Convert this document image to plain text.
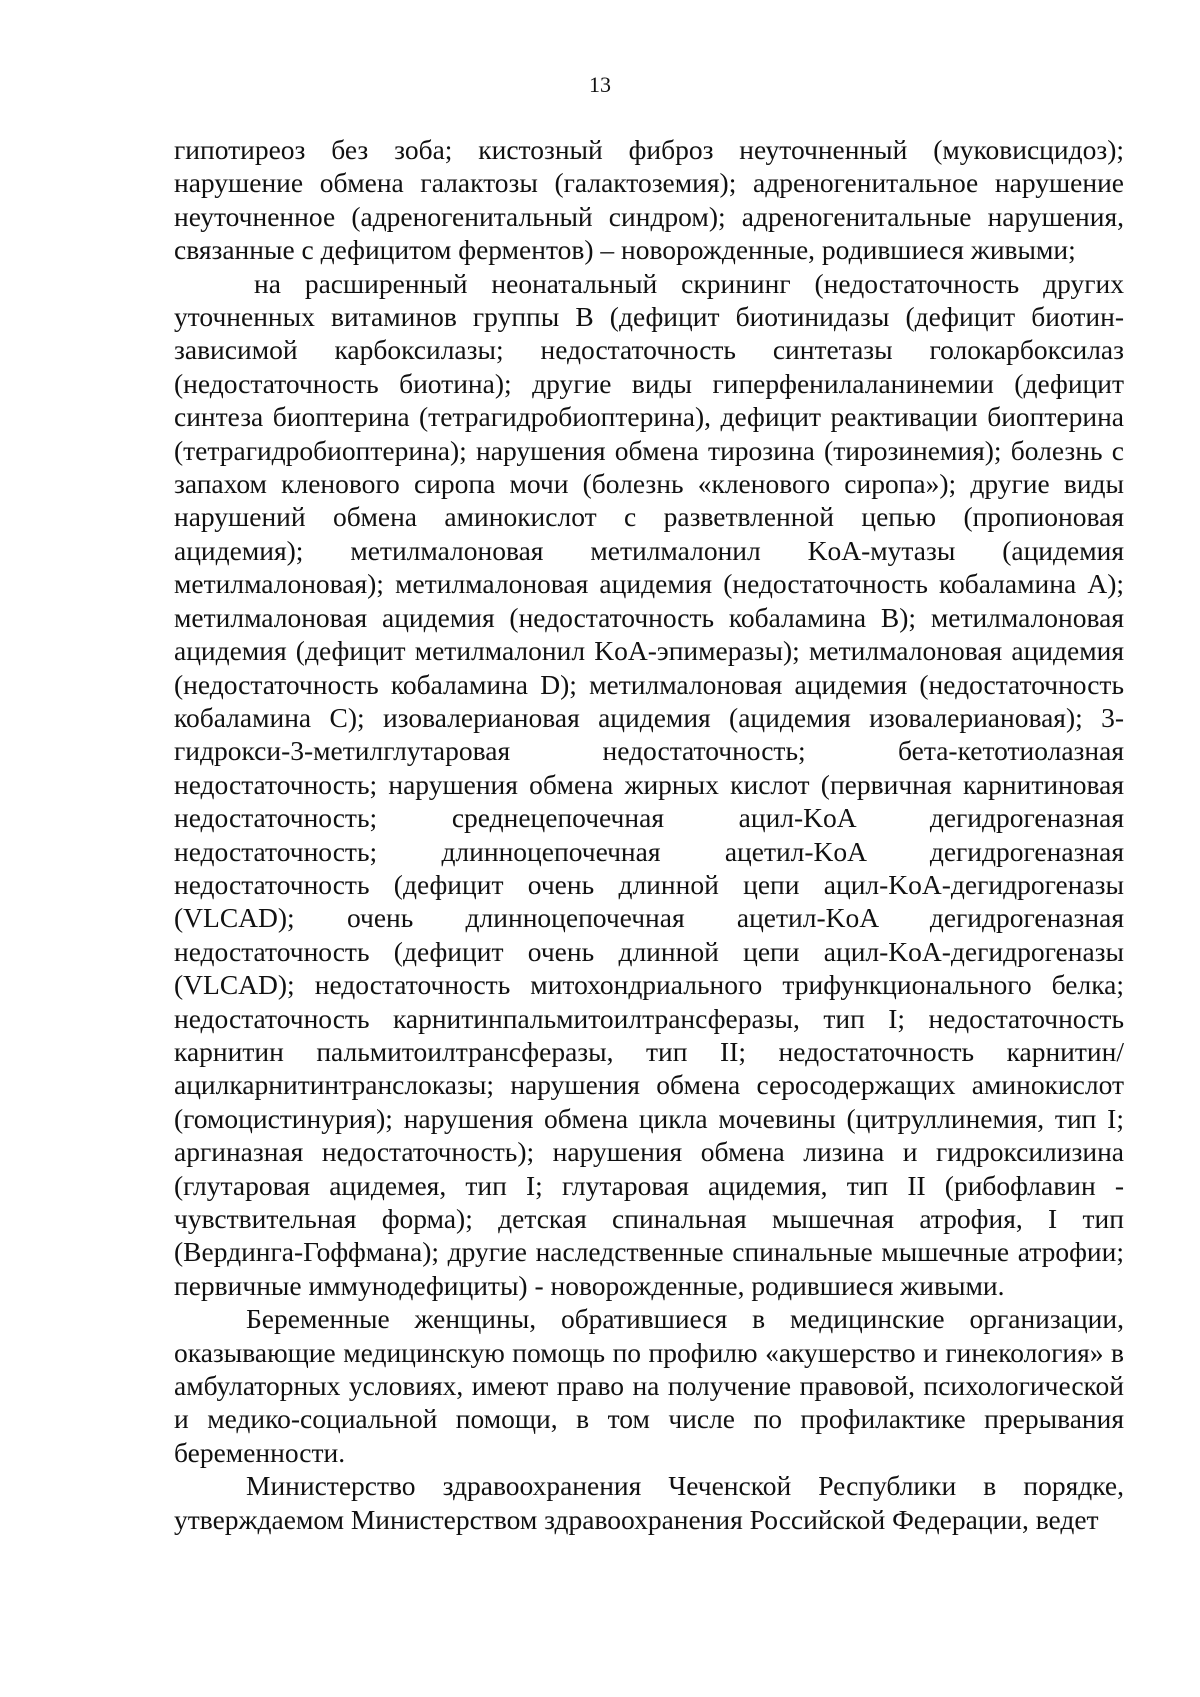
13

гипотиреоз без зоба; кистозный фиброз неуточненный (муковисцидоз); нарушение обмена галактозы (галактоземия); адреногенитальное нарушение неуточненное (адреногенитальный синдром); адреногенитальные нарушения, связанные с дефицитом ферментов) – новорожденные, родившиеся живыми;

на расширенный неонатальный скрининг (недостаточность других уточненных витаминов группы В (дефицит биотинидазы (дефицит биотин-зависимой карбоксилазы; недостаточность синтетазы голокарбоксилаз (недостаточность биотина); другие виды гиперфенилаланинемии (дефицит синтеза биоптерина (тетрагидробиоптерина), дефицит реактивации биоптерина (тетрагидробиоптерина); нарушения обмена тирозина (тирозинемия); болезнь с запахом кленового сиропа мочи (болезнь «кленового сиропа»); другие виды нарушений обмена аминокислот с разветвленной цепью (пропионовая ацидемия); метилмалоновая метилмалонил KoA-мутазы (ацидемия метилмалоновая); метилмалоновая ацидемия (недостаточность кобаламина А); метилмалоновая ацидемия (недостаточность кобаламина В); метилмалоновая ацидемия (дефицит метилмалонил KoA-эпимеразы); метилмалоновая ацидемия (недостаточность кобаламина D); метилмалоновая ацидемия (недостаточность кобаламина С); изовалериановая ацидемия (ацидемия изовалериановая); 3-гидрокси-3-метилглутаровая недостаточность; бета-кетотиолазная недостаточность; нарушения обмена жирных кислот (первичная карнитиновая недостаточность; среднецепочечная ацил-KoA дегидрогеназная недостаточность; длинноцепочечная ацетил-KoA дегидрогеназная недостаточность (дефицит очень длинной цепи ацил-KoA-дегидрогеназы (VLCAD); очень длинноцепочечная ацетил-KoA дегидрогеназная недостаточность (дефицит очень длинной цепи ацил-KoA-дегидрогеназы (VLCAD); недостаточность митохондриального трифункционального белка; недостаточность карнитинпальмитоилтрансферазы, тип I; недостаточность карнитин пальмитоилтрансферазы, тип II; недостаточность карнитин/ацилкарнитинтранслоказы; нарушения обмена серосодержащих аминокислот (гомоцистинурия); нарушения обмена цикла мочевины (цитруллинемия, тип I; аргиназная недостаточность); нарушения обмена лизина и гидроксилизина (глутаровая ацидемея, тип I; глутаровая ацидемия, тип II (рибофлавин - чувствительная форма); детская спинальная мышечная атрофия, I тип (Вердинга-Гоффмана); другие наследственные спинальные мышечные атрофии; первичные иммунодефициты) - новорожденные, родившиеся живыми.

Беременные женщины, обратившиеся в медицинские организации, оказывающие медицинскую помощь по профилю «акушерство и гинекология» в амбулаторных условиях, имеют право на получение правовой, психологической и медико-социальной помощи, в том числе по профилактике прерывания беременности.

Министерство здравоохранения Чеченской Республики в порядке, утверждаемом Министерством здравоохранения Российской Федерации, ведет
